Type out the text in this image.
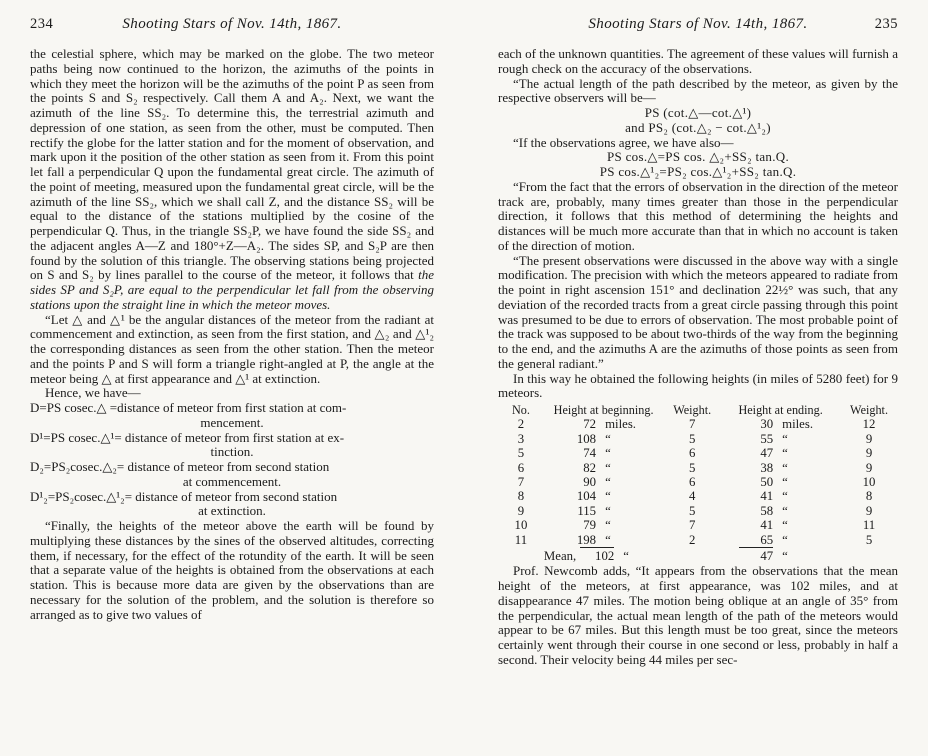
234	Shooting Stars of Nov. 14th, 1867.

the celestial sphere, which may be marked on the globe. The two meteor paths being now continued to the horizon, the azimuths of the points in which they meet the horizon will be the azimuths of the point P as seen from the points S and S₂ respectively. Call them A and A₂. Next, we want the azimuth of the line SS₂. To determine this, the terrestrial azimuth and depression of one station, as seen from the other, must be computed. Then rectify the globe for the latter station and for the moment of observation, and mark upon it the position of the other station as seen from it. From this point let fall a perpendicular Q upon the fundamental great circle. The azimuth of the point of meeting, measured upon the fundamental great circle, will be the azimuth of the line SS₂, which we shall call Z, and the distance SS₂ will be equal to the distance of the stations multiplied by the cosine of the perpendicular Q. Thus, in the triangle SS₂P, we have found the side SS₂ and the adjacent angles A—Z and 180°+Z—A₂. The sides SP, and S₂P are then found by the solution of this triangle. The observing stations being projected on S and S₂ by lines parallel to the course of the meteor, it follows that the sides SP and S₂P, are equal to the perpendicular let fall from the observing stations upon the straight line in which the meteor moves.

“Let △ and △¹ be the angular distances of the meteor from the radiant at commencement and extinction, as seen from the first station, and △₂ and △¹₂ the corresponding distances as seen from the other station. Then the meteor and the points P and S will form a triangle right-angled at P, the angle at the meteor being △ at first appearance and △¹ at extinction.

Hence, we have—

D=PS cosec.△ =distance of meteor from first station at com-
mencement.
D¹=PS cosec.△¹= distance of meteor from first station at ex-
tinction.
D₂=PS₂cosec.△₂= distance of meteor from second station
at commencement.
D¹₂=PS₂cosec.△¹₂= distance of meteor from second station
at extinction.

“Finally, the heights of the meteor above the earth will be found by multiplying these distances by the sines of the observed altitudes, correcting them, if necessary, for the effect of the rotundity of the earth. It will be seen that a separate value of the heights is obtained from the observations at each station. This is because more data are given by the observations than are necessary for the solution of the problem, and the solution is therefore so arranged as to give two values of

Shooting Stars of Nov. 14th, 1867.	235

each of the unknown quantities. The agreement of these values will furnish a rough check on the accuracy of the observations.

“The actual length of the path described by the meteor, as given by the respective observers will be—

PS (cot.△—cot.△¹)
and PS₂ (cot.△₂ − cot.△¹₂)

“If the observations agree, we have also—

PS cos.△=PS cos. △₂+SS₂ tan.Q.
PS cos.△¹₂=PS₂ cos.△¹₂+SS₂ tan.Q.

“From the fact that the errors of observation in the direction of the meteor track are, probably, many times greater than those in the perpendicular direction, it follows that this method of determining the heights and distances will be much more accurate than that in which no account is taken of the direction of motion.

“The present observations were discussed in the above way with a single modification. The precision with which the meteors appeared to radiate from the point in right ascension 151° and declination 22½° was such, that any deviation of the recorded tracts from a great circle passing through this point was presumed to be due to errors of observation. The most probable point of the track was supposed to be about two-thirds of the way from the beginning to the end, and the azimuths A are the azimuths of those points as seen from the general radiant.”

In this way he obtained the following heights (in miles of 5280 feet) for 9 meteors.

No.	Height at beginning.	Weight.	Height at ending.	Weight.
2	72 miles.	7	30 miles.	12
3	108 “	5	55 “	9
5	74 “	6	47 “	9
6	82 “	5	38 “	9
7	90 “	6	50 “	10
8	104 “	4	41 “	8
9	115 “	5	58 “	9
10	79 “	7	41 “	11
11	198 “	2	65 “	5
	Mean, 102 “		47 “	

Prof. Newcomb adds, “It appears from the observations that the mean height of the meteors, at first appearance, was 102 miles, and at disappearance 47 miles. The motion being oblique at an angle of 35° from the perpendicular, the actual mean length of the path of the meteors would appear to be 67 miles. But this length must be too great, since the meteors certainly went through their course in one second or less, probably in half a second. Their velocity being 44 miles per sec-
